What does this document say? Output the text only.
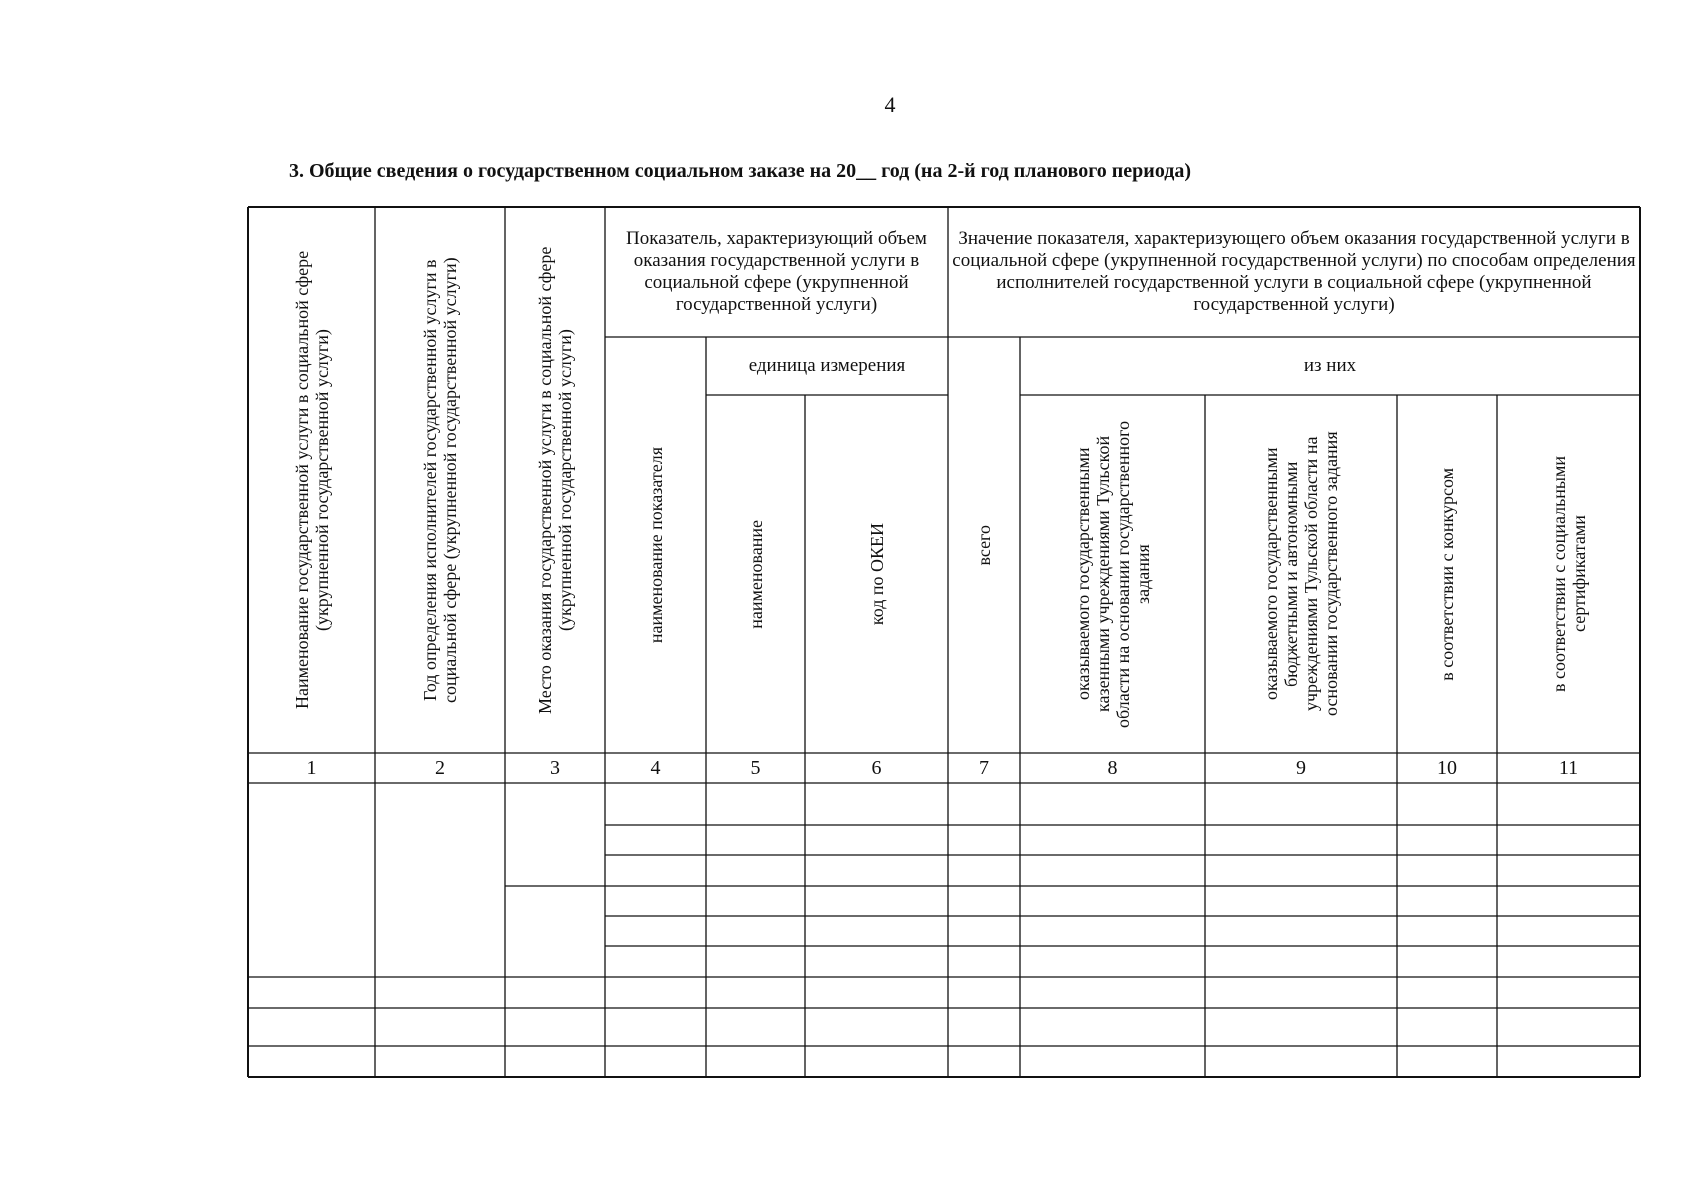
4
3. Общие сведения о государственном социальном заказе на 20__ год (на 2-й год планового периода)
Наименование государственной услуги в социальной сфере (укрупненной государственной услуги)	Год определения исполнителей государственной услуги в социальной сфере (укрупненной государственной услуги)	Место оказания государственной услуги в социальной сфере (укрупненной государственной услуги)
Показатель, характеризующий объем оказания государственной услуги в социальной сфере (укрупненной государственной услуги)
наименование показателя
единица измерения
наименование	код по ОКЕИ
Значение показателя, характеризующего объем оказания государственной услуги в социальной сфере (укрупненной государственной услуги) по способам определения исполнителей государственной услуги в социальной сфере (укрупненной государственной услуги)
всего
из них
оказываемого государственными казенными учреждениями Тульской области на основании государственного задания	оказываемого государственными бюджетными и автономными учреждениями Тульской области на основании государственного задания	в соответствии с конкурсом	в соответствии с социальными сертификатами
1	2	3	4	5	6	7	8	9	10	11
